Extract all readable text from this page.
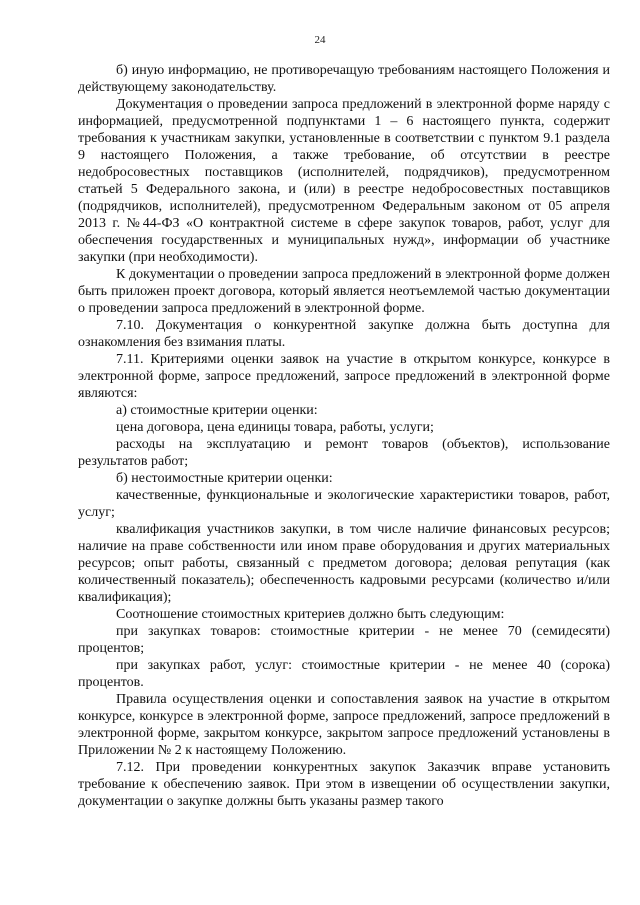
24

б) иную информацию, не противоречащую требованиям настоящего Положения и действующему законодательству.

Документация о проведении запроса предложений в электронной форме наряду с информацией, предусмотренной подпунктами 1 – 6 настоящего пункта, содержит требования к участникам закупки, установленные в соответствии с пунктом 9.1 раздела 9 настоящего Положения, а также требование, об отсутствии в реестре недобросовестных поставщиков (исполнителей, подрядчиков), предусмотренном статьей 5 Федерального закона, и (или) в реестре недобросовестных поставщиков (подрядчиков, исполнителей), предусмотренном Федеральным законом от 05 апреля 2013 г. №44-ФЗ «О контрактной системе в сфере закупок товаров, работ, услуг для обеспечения государственных и муниципальных нужд», информации об участнике закупки (при необходимости).

К документации о проведении запроса предложений в электронной форме должен быть приложен проект договора, который является неотъемлемой частью документации о проведении запроса предложений в электронной форме.

7.10. Документация о конкурентной закупке должна быть доступна для ознакомления без взимания платы.

7.11. Критериями оценки заявок на участие в открытом конкурсе, конкурсе в электронной форме, запросе предложений, запросе предложений в электронной форме являются:

а) стоимостные критерии оценки:

цена договора, цена единицы товара, работы, услуги;

расходы на эксплуатацию и ремонт товаров (объектов), использование результатов работ;

б) нестоимостные критерии оценки:

качественные, функциональные и экологические характеристики товаров, работ, услуг;

квалификация участников закупки, в том числе наличие финансовых ресурсов; наличие на праве собственности или ином праве оборудования и других материальных ресурсов; опыт работы, связанный с предметом договора; деловая репутация (как количественный показатель); обеспеченность кадровыми ресурсами (количество и/или квалификация);

Соотношение стоимостных критериев должно быть следующим:

при закупках товаров: стоимостные критерии - не менее 70 (семидесяти) процентов;

при закупках работ, услуг: стоимостные критерии - не менее 40 (сорока) процентов.

Правила осуществления оценки и сопоставления заявок на участие в открытом конкурсе, конкурсе в электронной форме, запросе предложений, запросе предложений в электронной форме, закрытом конкурсе, закрытом запросе предложений установлены в Приложении № 2 к настоящему Положению.

7.12. При проведении конкурентных закупок Заказчик вправе установить требование к обеспечению заявок. При этом в извещении об осуществлении закупки, документации о закупке должны быть указаны размер такого
